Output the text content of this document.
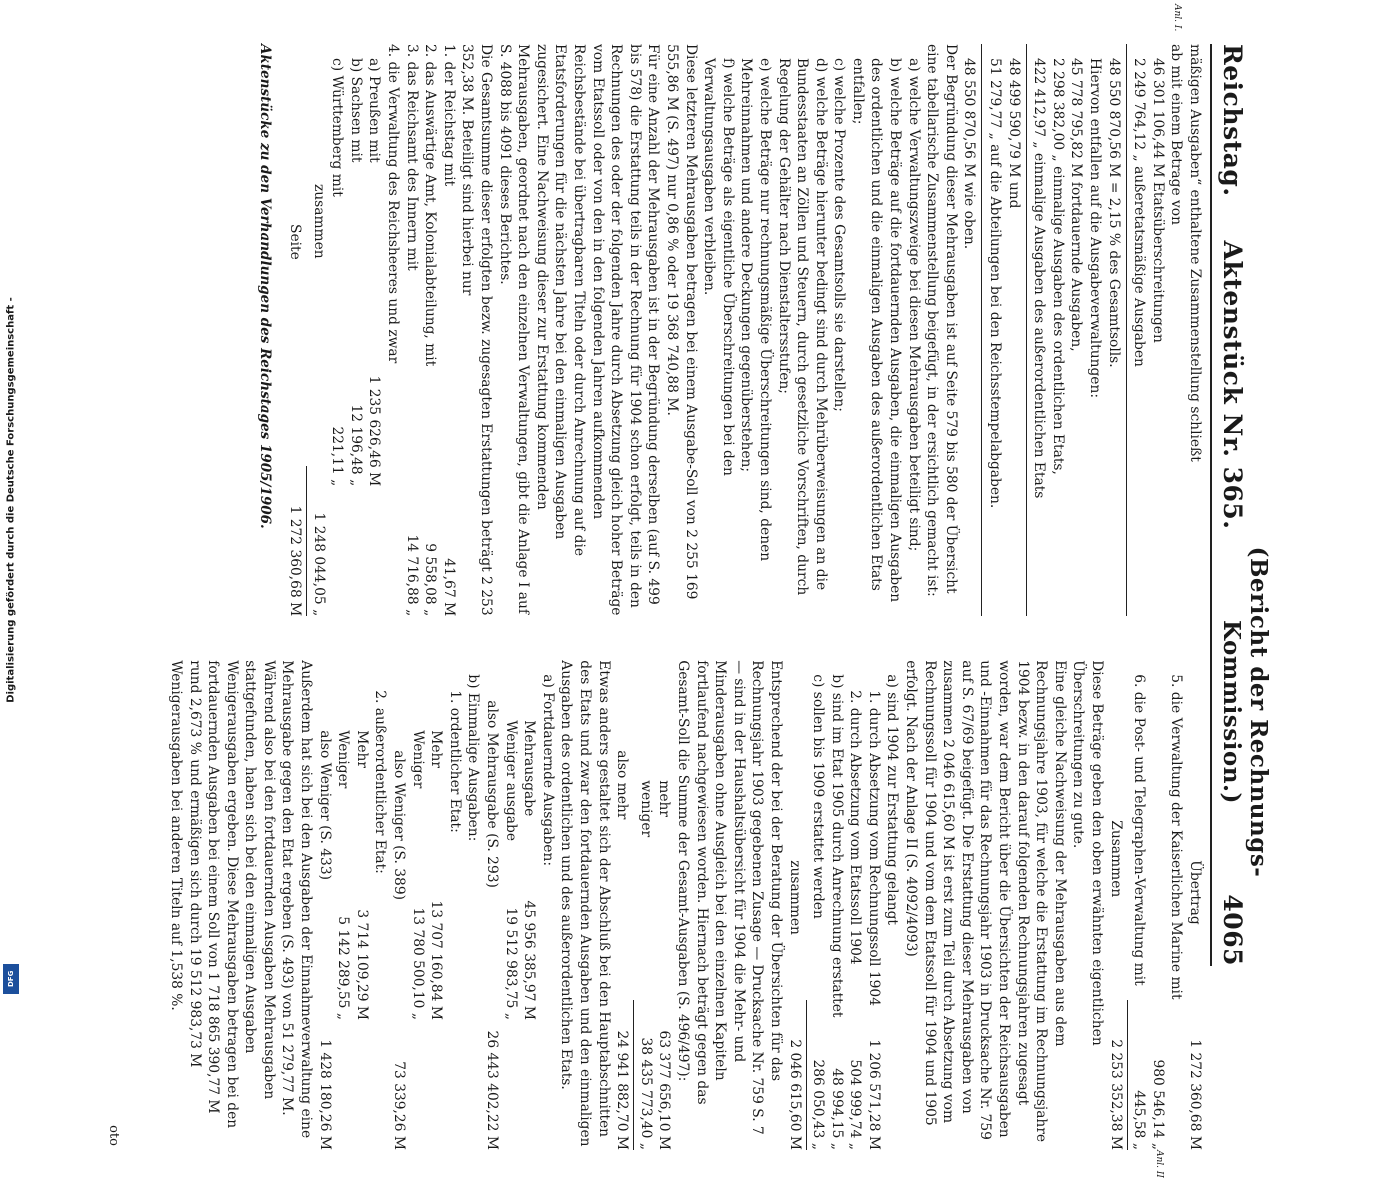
Digitalisierung gefördert durch die Deutsche Forschungsgemeinschaft -
DFG
Reichstag.
Aktenstück Nr. 365.
(Bericht der Rechnungs-Kommission.)
4065
mäßigen Ausgaben“ enthaltene Zusammenstellung schließt
ab mit einem Betrage von
46 301 106,44 M Etatsüberschreitungen
2 249 764,12 „ außeretatsmäßige Ausgaben
48 550 870,56 M = 2,15 % des Gesamtsolls.
Hiervon entfallen auf die Ausgabeverwaltungen:
45 778 795,82 M fortdauernde Ausgaben,
2 298 382,00 „ einmalige Ausgaben des ordentlichen Etats,
422 412,97 „ einmalige Ausgaben des außerordentlichen Etats
48 499 590,79 M und
51 279,77 „ auf die Abteilungen bei den Reichsstempelabgaben.
48 550 870,56 M wie oben.
Der Begründung dieser Mehrausgaben ist auf Seite 579 bis 580 der Übersicht eine tabellarische Zusammenstellung beigefügt, in der ersichtlich gemacht ist:
a) welche Verwaltungszweige bei diesen Mehrausgaben beteiligt sind;
b) welche Beträge auf die fortdauernden Ausgaben, die einmaligen Ausgaben des ordentlichen und die einmaligen Ausgaben des außerordentlichen Etats entfallen;
c) welche Prozente des Gesamtsolls sie darstellen;
d) welche Beträge hierunter bedingt sind durch Mehrüberweisungen an die Bundesstaaten an Zöllen und Steuern, durch gesetzliche Vorschriften, durch Regelung der Gehälter nach Dienstaltersstufen;
e) welche Beträge nur rechnungsmäßige Überschreitungen sind, denen Mehreinnahmen und andere Deckungen gegenüberstehen;
f) welche Beträge als eigentliche Überschreitungen bei den Verwaltungsausgaben verbleiben.
Diese letzteren Mehrausgaben betragen bei einem Ausgabe-Soll von 2 255 169 555,86 M (S. 497) nur 0,86 % oder 19 368 740,88 M.
Für eine Anzahl der Mehrausgaben ist in der Begründung derselben (auf S. 499 bis 578) die Erstattung teils in der Rechnung für 1904 schon erfolgt, teils in den Rechnungen des oder der folgenden Jahre durch Absetzung gleich hoher Beträge vom Etatssoll oder von den in den folgenden Jahren aufkommenden Reichsbestände bei übertragbaren Titeln oder durch Anrechnung auf die Etatsforderungen für die nächsten Jahre bei den einmaligen Ausgaben zugesichert. Eine Nachweisung dieser zur Erstattung kommenden Mehrausgaben, geordnet nach den einzelnen Verwaltungen, gibt die Anlage I auf S. 4088 bis 4091 dieses Berichtes.
Die Gesamtsumme dieser erfolgten bezw. zugesagten Erstattungen beträgt 2 253 352,38 M. Beteiligt sind hierbei nur
1. der Reichstag mit
41,67 M
2. das Auswärtige Amt, Kolonialabteilung, mit
9 558,08 „
3. das Reichsamt des Innern mit
14 716,88 „
4. die Verwaltung des Reichsheeres und zwar
a) Preußen mit
1 235 626,46 M
b) Sachsen mit
12 196,48 „
c) Württemberg mit
221,11 „
zusammen
1 248 044,05 „
Seite
1 272 360,68 M
Aktenstücke zu den Verhandlungen des Reichstages 1905/1906.
Anl. I.
Übertrag
1 272 360,68 M
5. die Verwaltung der Kaiserlichen Marine mit
980 546,14 „
6. die Post- und Telegraphen-Verwaltung mit
445,58 „
Zusammen
2 253 352,38 M
Diese Beträge geben den oben erwähnten eigentlichen Überschreitungen zu gute.
Eine gleiche Nachweisung der Mehrausgaben aus dem Rechnungsjahre 1903, für welche die Erstattung im Rechnungsjahre 1904 bezw. in den darauf folgenden Rechnungsjahren zugesagt worden, war dem Bericht über die Übersichten der Reichsausgaben und -Einnahmen für das Rechnungsjahr 1903 in Drucksache Nr. 759 auf S. 67/69 beigefügt. Die Erstattung dieser Mehrausgaben von zusammen 2 046 615,60 M ist erst zum Teil durch Absetzung vom Rechnungssoll für 1904 und vom dem Etatssoll für 1904 und 1905 erfolgt. Nach der Anlage II (S. 4092/4093)
a) sind 1904 zur Erstattung gelangt
1. durch Absetzung vom Rechnungssoll 1904
1 206 571,28 M
2. durch Absetzung vom Etatssoll 1904
504 999,74 „
b) sind im Etat 1905 durch Anrechnung erstattet
48 994,15 „
c) sollen bis 1909 erstattet werden
286 050,43 „
zusammen
2 046 615,60 M
Entsprechend der bei der Beratung der Übersichten für das Rechnungsjahr 1903 gegebenen Zusage — Drucksache Nr. 759 S. 7 — sind in der Haushaltsübersicht für 1904 die Mehr- und Minderausgaben ohne Ausgleich bei den einzelnen Kapiteln fortlaufend nachgewiesen worden. Hiernach beträgt gegen das Gesamt-Soll die Summe der Gesamt-Ausgaben (S. 496/497):
mehr
63 377 656,10 M
weniger
38 435 773,40 „
also mehr
24 941 882,70 M
Etwas anders gestaltet sich der Abschluß bei den Hauptabschnitten des Etats und zwar den fortdauernden Ausgaben und den einmaligen Ausgaben des ordentlichen und des außerordentlichen Etats.
a) Fortdauernde Ausgaben:
Mehrausgabe
45 956 385,97 M
Weniger ausgabe
19 512 983,75 „
also Mehrausgabe (S. 293)
26 443 402,22 M
b) Einmalige Ausgaben:
1. ordentlicher Etat:
Mehr
13 707 160,84 M
Weniger
13 780 500,10 „
also Weniger (S. 389)
73 339,26 M
2. außerordentlicher Etat:
Mehr
3 714 109,29 M
Weniger
5 142 289,55 „
also Weniger (S. 433)
1 428 180,26 M
Außerdem hat sich bei den Ausgaben der Einnahmeverwaltung eine Mehrausgabe gegen den Etat ergeben (S. 493) von 51 279,77 M.
Während also bei den fortdauernden Ausgaben Mehrausgaben stattgefunden, haben sich bei den einmaligen Ausgaben Wenigerausgaben ergeben. Diese Mehrausgaben betragen bei den fortdauernden Ausgaben bei einem Soll von 1 718 865 390,77 M rund 2,673 % und ermäßigen sich durch 19 512 983,73 M Wenigerausgaben bei anderen Titeln auf 1,538 %.
Anl. II
oto
